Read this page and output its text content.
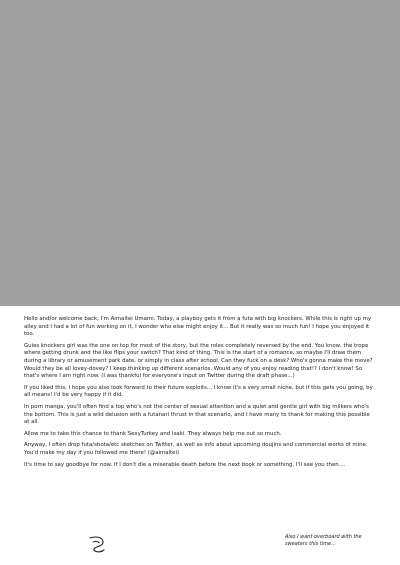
Hello and/or welcome back, I'm Aimaitei Umami. Today, a playboy gets it from a futa with big knockers. While this is right up my alley and I had a lot of fun working on it, I wonder who else might enjoy it... But it really was so much fun! I hope you enjoyed it too.

Guies knockers girl was the one on top for most of the story, but the roles completely reversed by the end. You know, the trope where getting drunk and the like flips your switch? That kind of thing. This is the start of a romance, so maybe I'll draw them during a library or amusement park date, or simply in class after school. Can they fuck on a desk? Who's gonna make the move? Would they be all lovey-dovey? I keep thinking up different scenarios. Would any of you enjoy reading that!? I don't know! So that's where I am right now. (I was thankful for everyone's input on Twitter during the draft phase...)

If you liked this, I hope you also look forward to their future exploits... I know it's a very small niche, but if this gets you going, by all means! I'd be very happy if it did.

In porn manga, you'll often find a top who's not the center of sexual attention and a quiet and gentle girl with big milkers who's the bottom. This is just a wild delusion with a futanari thrust in that scenario, and I have many to thank for making this possible at all.

Allow me to take this chance to thank SexyTurkey and Isaki. They always help me out so much.

Anyway, I often drop futa/shota/etc sketches on Twitter, as well as info about upcoming doujins and commercial works of mine. You'd make my day if you followed me there! (@aimaitei)

It's time to say goodbye for now. If I don't die a miserable death before the next book or something, I'll see you then....

Also I want overboard with the sweaters this time...
